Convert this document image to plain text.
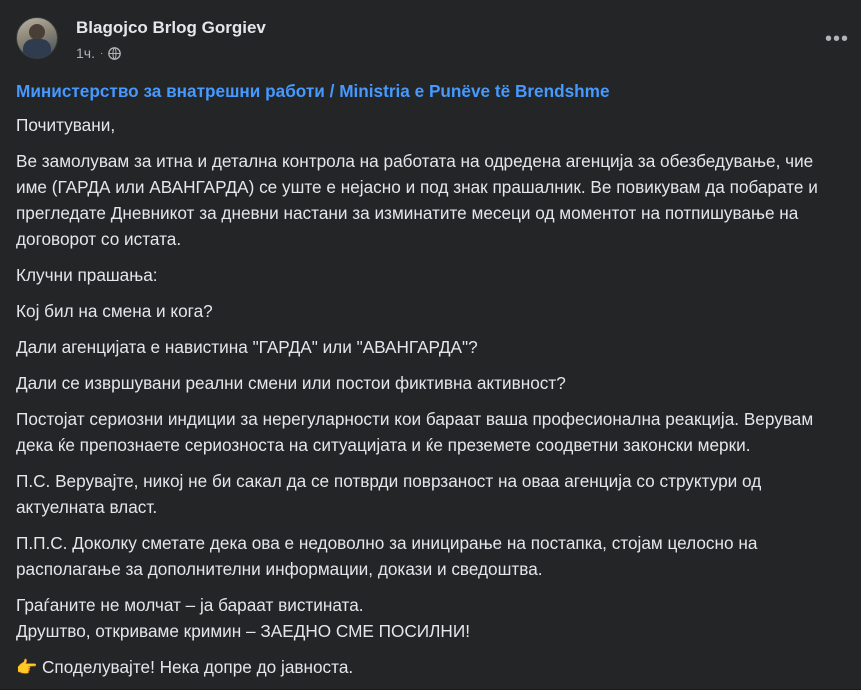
Blagojco Brlog Gorgiev
1ч. ·
•••

Министерство за внатрешни работи / Ministria e Punëve të Brendshme

Почитувани,

Ве замолувам за итна и детална контрола на работата на одредена агенција за обезбедување, чие име (ГАРДА или АВАНГАРДА) се уште е нејасно и под знак прашалник. Ве повикувам да побарате и прегледате Дневникот за дневни настани за изминатите месеци од моментот на потпишување на договорот со истата.

Клучни прашања:

Кој бил на смена и кога?

Дали агенцијата е навистина "ГАРДА" или "АВАНГАРДА"?

Дали се извршувани реални смени или постои фиктивна активност?

Постојат сериозни индиции за нерегуларности кои бараат ваша професионална реакција. Верувам дека ќе препознаете сериозноста на ситуацијата и ќе преземете соодветни законски мерки.

П.С. Верувајте, никој не би сакал да се потврди поврзаност на оваа агенција со структури од актуелната власт.

П.П.С. Доколку сметате дека ова е недоволно за иницирање на постапка, стојам целосно на располагање за дополнителни информации, докази и сведоштва.

Граѓаните не молчат – ја бараат вистината.

Друштво, откриваме кримин – ЗАЕДНО СМЕ ПОСИЛНИ!

👉 Споделувајте! Нека допре до јавноста.
